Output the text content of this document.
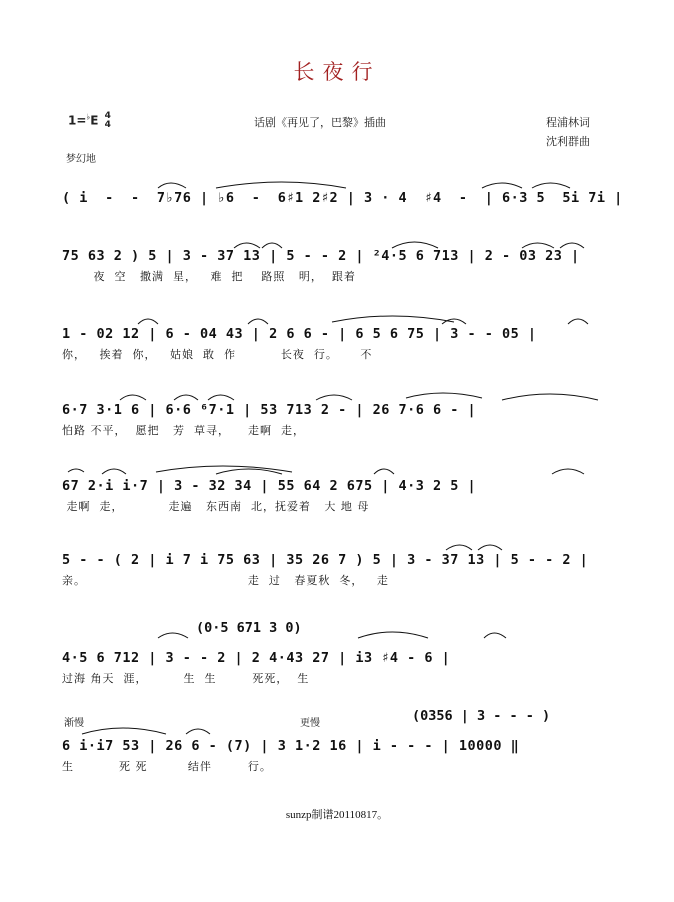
长夜行
1=♭E 4
4	话剧《再见了，巴黎》插曲	程浦林词
沈利群曲
梦幻地
( i  -  -  7♭76 | ♭6  -  6♯1 2♯2 | 3 · 4  ♯4  -  | 6·3 5  5i 7i |
75 63 2 ) 5 | 3 - 37 13 | 5 - - 2 | ²4·5 6 713 | 2 - 03 23 |
夜  空   撒满  星，   难  把    路照   明，  跟着
1 - 02 12 | 6 - 04 43 | 2 6 6 - | 6 5 6 75 | 3 - - 05 |
你，   挨着  你，   姑娘  敢  作          长夜  行。     不
6·7 3·1 6 | 6·6 ⁶7·1 | 53 713 2 - | 26 7·6 6 - |
怕路 不平，  愿把   芳  草寻，    走啊  走，
67 2·i i·7 | 3 - 32 34 | 55 64 2 675 | 4·3 2 5 |
走啊  走，          走遍   东西南  北，抚爱着   大 地 母
5 - - ( 2 | i 7 i 75 63 | 35 26 7 ) 5 | 3 - 37 13 | 5 - - 2 |
亲。                                    走  过   春夏秋  冬，   走
(0·5 671 3 0)
4·5 6 712 | 3 - - 2 | 2 4·43 27 | i3 ♯4 - 6 |
过海 角天  涯，        生  生        死死，  生
渐慢	更慢	(0356 | 3 - - - )
6 i·i7 53 | 26 6 - (7) | 3 1·2 16 | i - - - | 10000 ‖
生          死 死         结伴        行。
sunzp制谱20110817。
